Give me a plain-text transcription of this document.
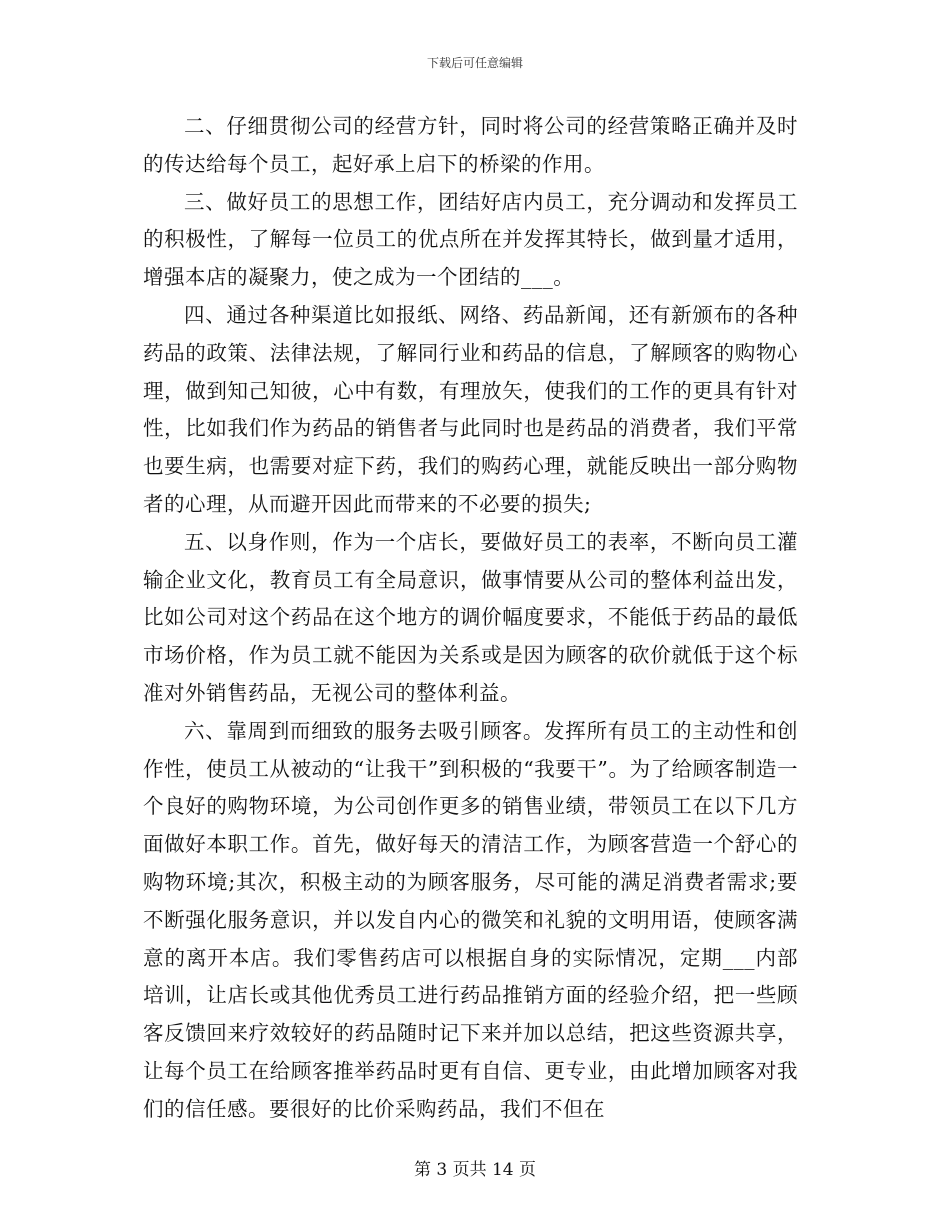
下载后可任意编辑

二、仔细贯彻公司的经营方针，同时将公司的经营策略正确并及时的传达给每个员工，起好承上启下的桥梁的作用。

三、做好员工的思想工作，团结好店内员工，充分调动和发挥员工的积极性，了解每一位员工的优点所在并发挥其特长，做到量才适用，增强本店的凝聚力，使之成为一个团结的___。

四、通过各种渠道比如报纸、网络、药品新闻，还有新颁布的各种药品的政策、法律法规，了解同行业和药品的信息，了解顾客的购物心理，做到知己知彼，心中有数，有理放矢，使我们的工作的更具有针对性，比如我们作为药品的销售者与此同时也是药品的消费者，我们平常也要生病，也需要对症下药，我们的购药心理，就能反映出一部分购物者的心理，从而避开因此而带来的不必要的损失;

五、以身作则，作为一个店长，要做好员工的表率，不断向员工灌输企业文化，教育员工有全局意识，做事情要从公司的整体利益出发，比如公司对这个药品在这个地方的调价幅度要求，不能低于药品的最低市场价格，作为员工就不能因为关系或是因为顾客的砍价就低于这个标准对外销售药品，无视公司的整体利益。

六、靠周到而细致的服务去吸引顾客。发挥所有员工的主动性和创作性，使员工从被动的“让我干”到积极的“我要干”。为了给顾客制造一个良好的购物环境，为公司创作更多的销售业绩，带领员工在以下几方面做好本职工作。首先，做好每天的清洁工作，为顾客营造一个舒心的购物环境;其次，积极主动的为顾客服务，尽可能的满足消费者需求;要不断强化服务意识，并以发自内心的微笑和礼貌的文明用语，使顾客满意的离开本店。我们零售药店可以根据自身的实际情况，定期___内部培训，让店长或其他优秀员工进行药品推销方面的经验介绍，把一些顾客反馈回来疗效较好的药品随时记下来并加以总结，把这些资源共享，让每个员工在给顾客推举药品时更有自信、更专业，由此增加顾客对我们的信任感。要很好的比价采购药品，我们不但在

第 3 页共 14 页
